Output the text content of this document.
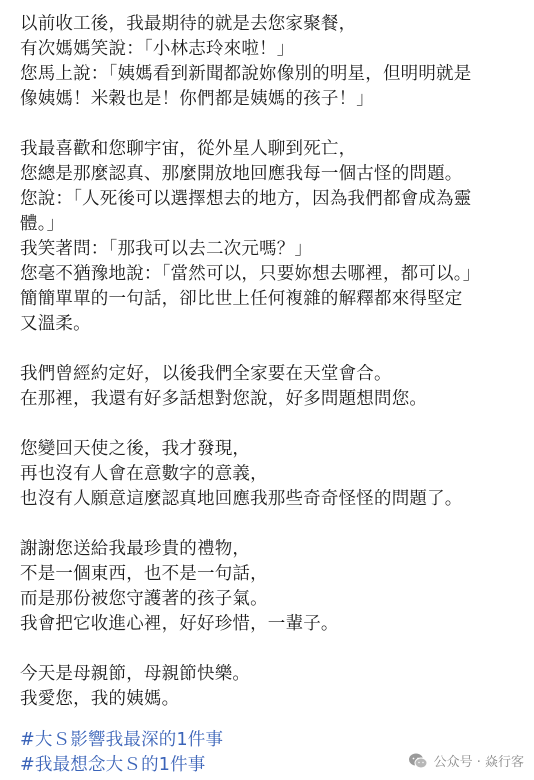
以前收工後，我最期待的就是去您家聚餐，
有次媽媽笑說：「小林志玲來啦！」
您馬上說：「姨媽看到新聞都說妳像別的明星，但明明就是
像姨媽！米穀也是！你們都是姨媽的孩子！」
我最喜歡和您聊宇宙，從外星人聊到死亡，
您總是那麼認真、那麼開放地回應我每一個古怪的問題。
您說：「人死後可以選擇想去的地方，因為我們都會成為靈
體。」
我笑著問：「那我可以去二次元嗎？」
您毫不猶豫地說：「當然可以，只要妳想去哪裡，都可以。」
簡簡單單的一句話，卻比世上任何複雜的解釋都來得堅定
又溫柔。
我們曾經約定好，以後我們全家要在天堂會合。
在那裡，我還有好多話想對您說，好多問題想問您。
您變回天使之後，我才發現，
再也沒有人會在意數字的意義，
也沒有人願意這麼認真地回應我那些奇奇怪怪的問題了。
謝謝您送給我最珍貴的禮物，
不是一個東西，也不是一句話，
而是那份被您守護著的孩子氣。
我會把它收進心裡，好好珍惜，一輩子。
今天是母親節，母親節快樂。
我愛您，我的姨媽。
#大Ｓ影響我最深的1件事
#我最想念大Ｓ的1件事	公众号 · 焱行客
